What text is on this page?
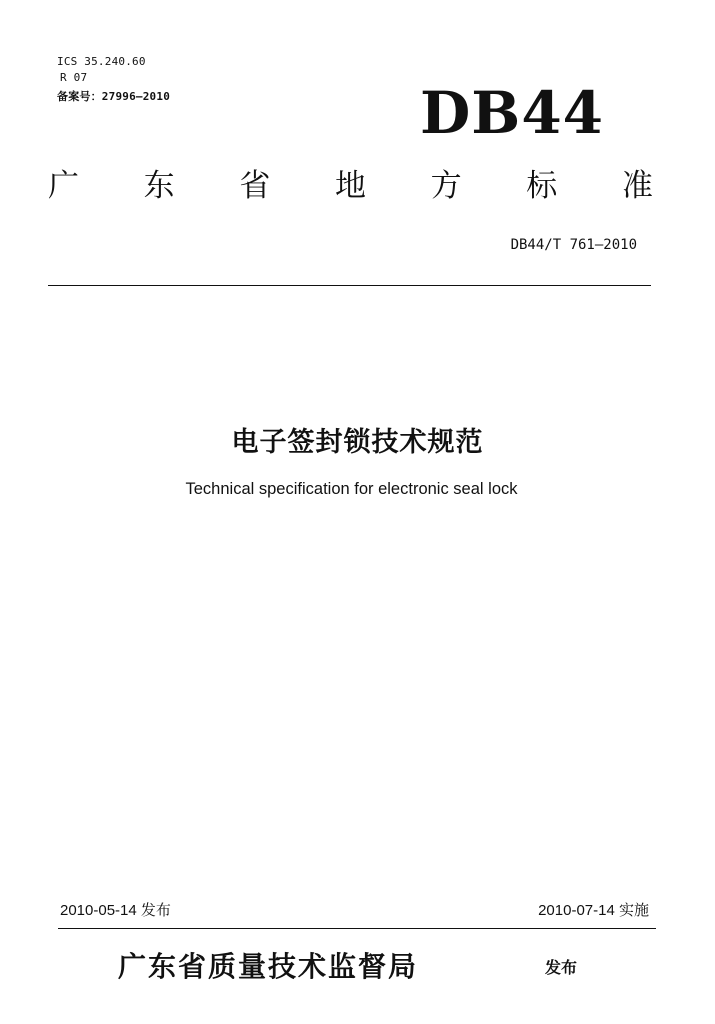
ICS 35.240.60
R 07
备案号：27996—2010	DB44
广 东 省 地 方 标 准
DB44/T 761—2010
电子签封锁技术规范
Technical specification for electronic seal lock
2010-05-14 发布	2010-07-14 实施
广东省质量技术监督局	发布
